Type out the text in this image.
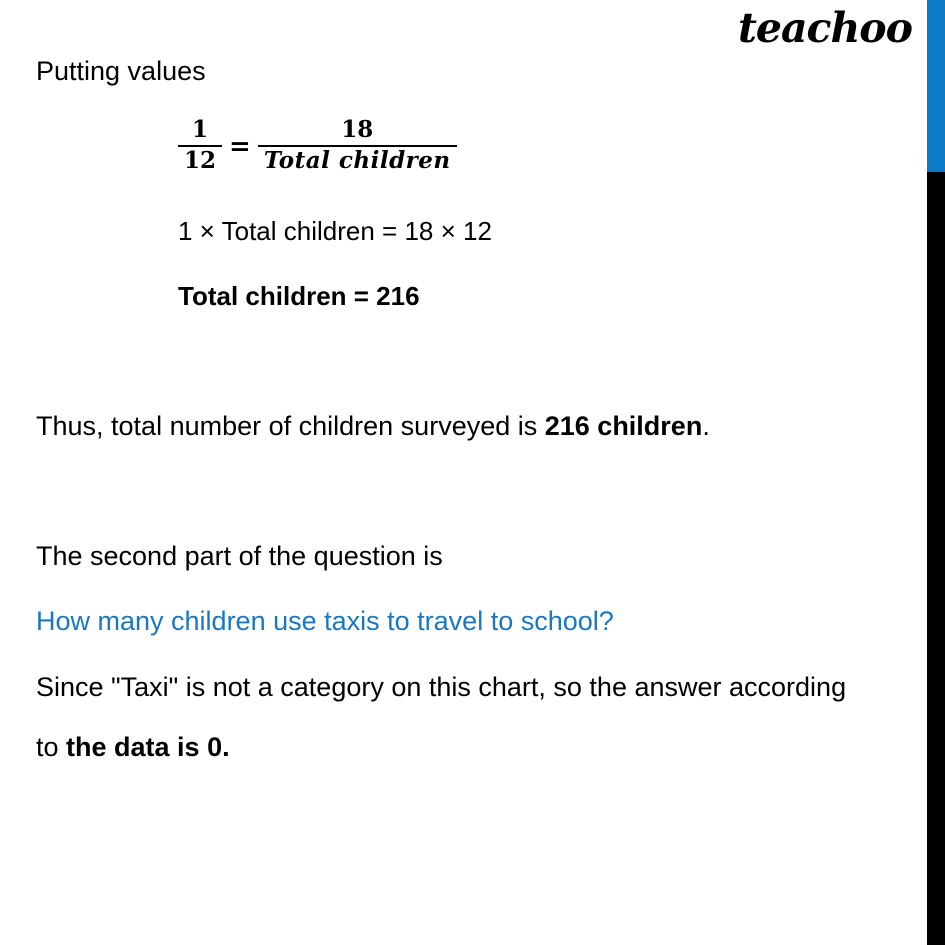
teachoo
Putting values
$\frac{1}{12} = \frac{18}{\text{Total children}}$
1 × Total children = 18 × 12
Total children = 216
Thus, total number of children surveyed is 216 children.
The second part of the question is
How many children use taxis to travel to school?
Since "Taxi" is not a category on this chart, so the answer according
to the data is 0.
